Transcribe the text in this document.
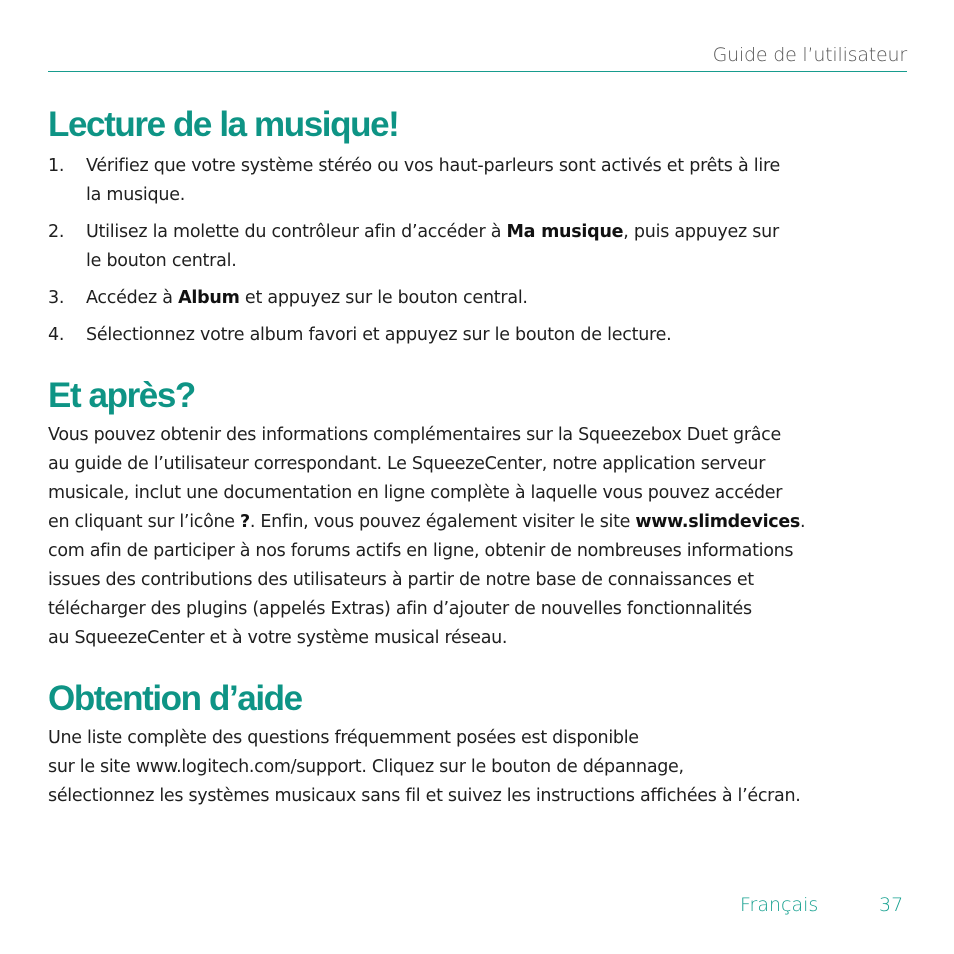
Guide de l’utilisateur
Lecture de la musique!
1. Vérifiez que votre système stéréo ou vos haut-parleurs sont activés et prêts à lire
la musique.
2. Utilisez la molette du contrôleur afin d’accéder à Ma musique, puis appuyez sur
le bouton central.
3. Accédez à Album et appuyez sur le bouton central.
4. Sélectionnez votre album favori et appuyez sur le bouton de lecture.
Et après?

Vous pouvez obtenir des informations complémentaires sur la Squeezebox Duet grâce
au guide de l’utilisateur correspondant. Le SqueezeCenter, notre application serveur
musicale, inclut une documentation en ligne complète à laquelle vous pouvez accéder
en cliquant sur l’icône ?. Enfin, vous pouvez également visiter le site www.slimdevices.
com afin de participer à nos forums actifs en ligne, obtenir de nombreuses informations
issues des contributions des utilisateurs à partir de notre base de connaissances et
télécharger des plugins (appelés Extras) afin d’ajouter de nouvelles fonctionnalités
au SqueezeCenter et à votre système musical réseau.

Obtention d’aide

Une liste complète des questions fréquemment posées est disponible
sur le site www.logitech.com/support. Cliquez sur le bouton de dépannage,
sélectionnez les systèmes musicaux sans fil et suivez les instructions affichées à l’écran.

Français	37
